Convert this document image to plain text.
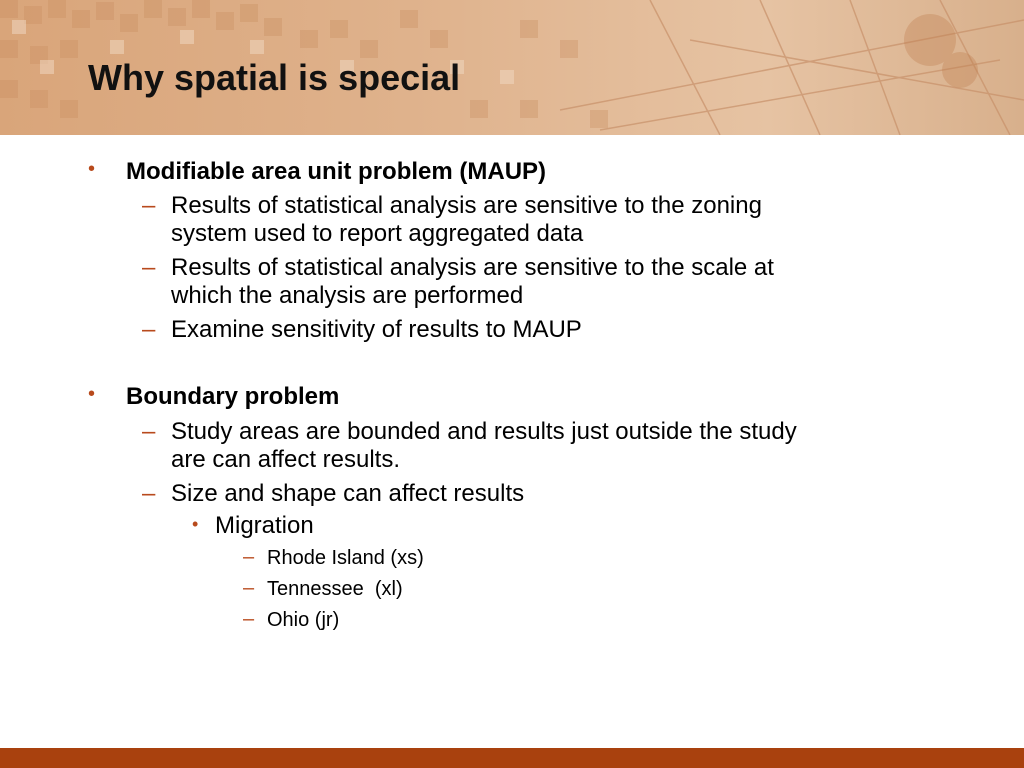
Why spatial is special
• Modifiable area unit problem (MAUP)
– Results of statistical analysis are sensitive to the zoning
system used to report aggregated data
– Results of statistical analysis are sensitive to the scale at
which the analysis are performed
– Examine sensitivity of results to MAUP
• Boundary problem
– Study areas are bounded and results just outside the study
are can affect results.
– Size and shape can affect results
• Migration
– Rhode Island (xs)
– Tennessee  (xl)
– Ohio (jr)
